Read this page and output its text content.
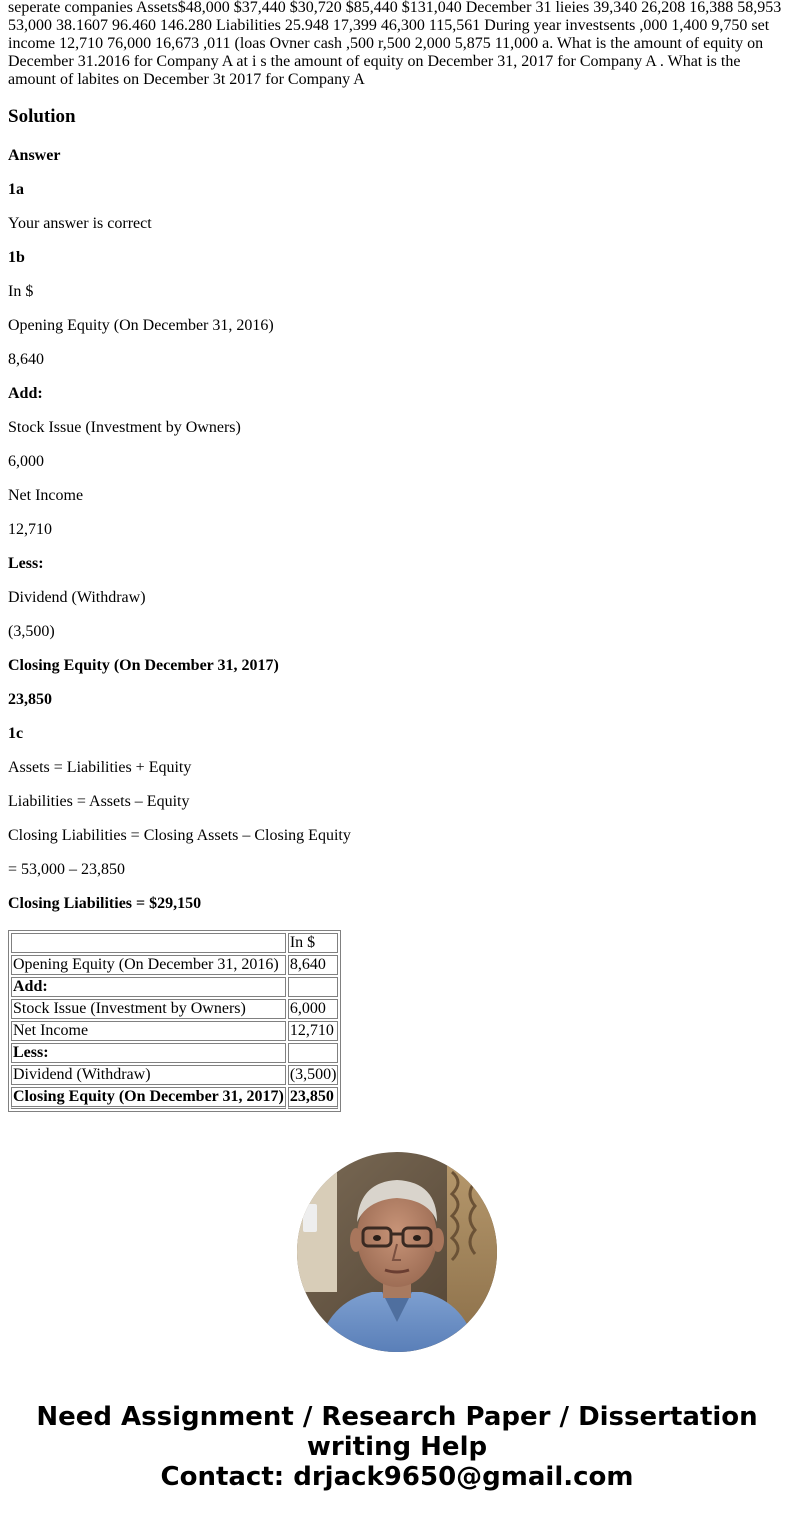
seperate companies Assets$48,000 $37,440 $30,720 $85,440 $131,040 December 31 lieies 39,340 26,208 16,388 58,953 53,000 38.1607 96.460 146.280 Liabilities 25.948 17,399 46,300 115,561 During year investsents ,000 1,400 9,750 set income 12,710 76,000 16,673 ,011 (loas Ovner cash ,500 r,500 2,000 5,875 11,000 a. What is the amount of equity on December 31.2016 for Company A at i s the amount of equity on December 31, 2017 for Company A . What is the amount of labites on December 3t 2017 for Company A

Solution

Answer

1a

Your answer is correct

1b

In $

Opening Equity (On December 31, 2016)

8,640

Add:

Stock Issue (Investment by Owners)

6,000

Net Income

12,710

Less:

Dividend (Withdraw)

(3,500)

Closing Equity (On December 31, 2017)

23,850

1c

Assets = Liabilities + Equity

Liabilities = Assets – Equity

Closing Liabilities = Closing Assets – Closing Equity

= 53,000 – 23,850

Closing Liabilities = $29,150

	In $
Opening Equity (On December 31, 2016)	8,640
Add:	
Stock Issue (Investment by Owners)	6,000
Net Income	12,710
Less:	
Dividend (Withdraw)	(3,500)
Closing Equity (On December 31, 2017)	23,850
Need Assignment / Research Paper / Dissertation
writing Help
Contact: drjack9650@gmail.com
